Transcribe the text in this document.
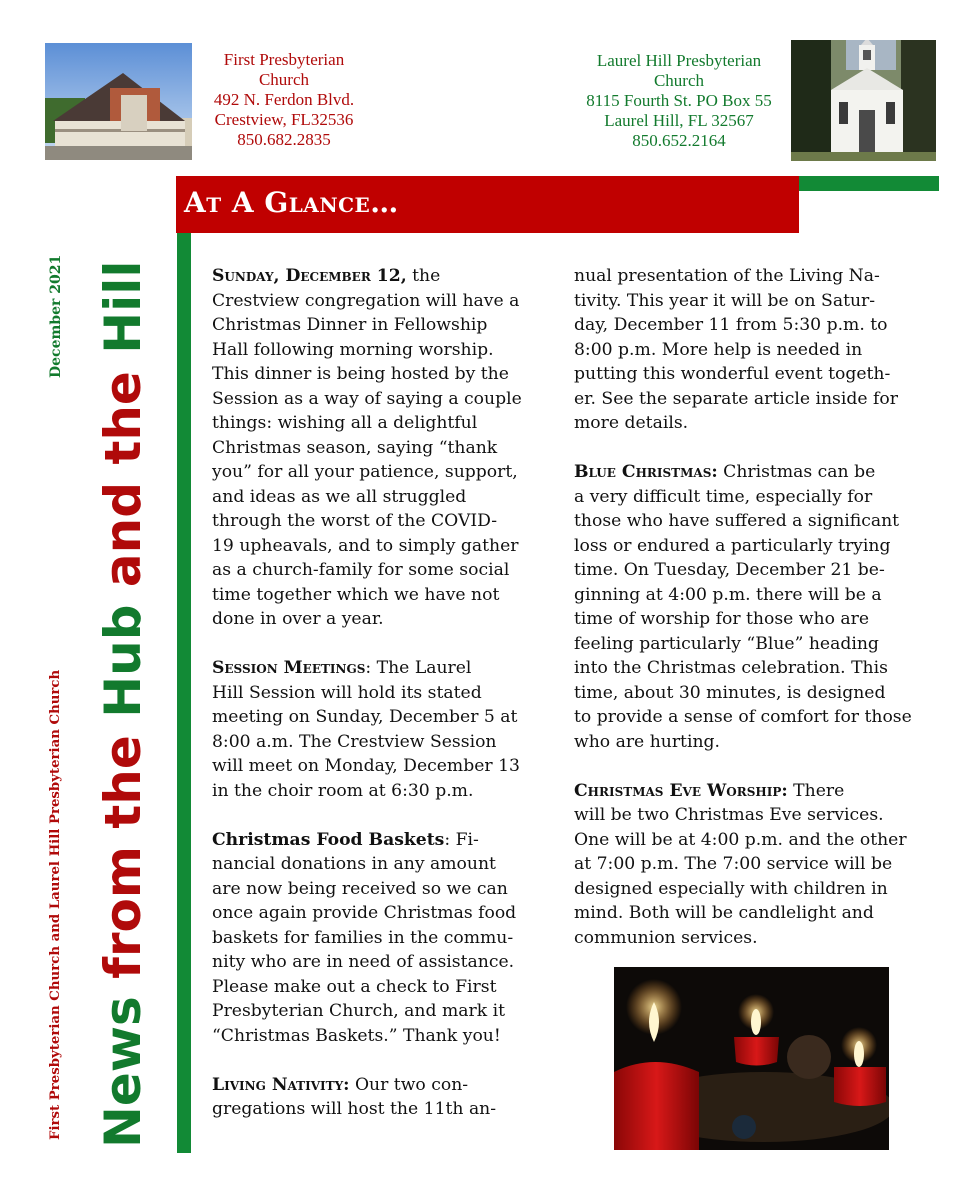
First Presbyterian
Church
492 N. Ferdon Blvd.
Crestview, FL32536
850.682.2835
Laurel Hill Presbyterian
Church
8115 Fourth St. PO Box 55
Laurel Hill, FL 32567
850.652.2164
At A Glance…
News from the Hub and the Hill
December 2021
First Presbyterian Church and Laurel Hill Presbyterian Church

Sunday, December 12, the
Crestview congregation will have a
Christmas Dinner in Fellowship
Hall following morning worship.
This dinner is being hosted by the
Session as a way of saying a couple
things: wishing all a delightful
Christmas season, saying “thank
you” for all your patience, support,
and ideas as we all struggled
through the worst of the COVID-
19 upheavals, and to simply gather
as a church-family for some social
time together which we have not
done in over a year.

Session Meetings: The Laurel
Hill Session will hold its stated
meeting on Sunday, December 5 at
8:00 a.m. The Crestview Session
will meet on Monday, December 13
in the choir room at 6:30 p.m.

Christmas Food Baskets: Fi-
nancial donations in any amount
are now being received so we can
once again provide Christmas food
baskets for families in the commu-
nity who are in need of assistance.
Please make out a check to First
Presbyterian Church, and mark it
“Christmas Baskets.” Thank you!

Living Nativity: Our two con-
gregations will host the 11th an-

nual presentation of the Living Na-
tivity. This year it will be on Satur-
day, December 11 from 5:30 p.m. to
8:00 p.m. More help is needed in
putting this wonderful event togeth-
er. See the separate article inside for
more details.

Blue Christmas: Christmas can be
a very difficult time, especially for
those who have suffered a significant
loss or endured a particularly trying
time. On Tuesday, December 21 be-
ginning at 4:00 p.m. there will be a
time of worship for those who are
feeling particularly “Blue” heading
into the Christmas celebration. This
time, about 30 minutes, is designed
to provide a sense of comfort for those
who are hurting.

Christmas Eve Worship: There
will be two Christmas Eve services.
One will be at 4:00 p.m. and the other
at 7:00 p.m. The 7:00 service will be
designed especially with children in
mind. Both will be candlelight and
communion services.
